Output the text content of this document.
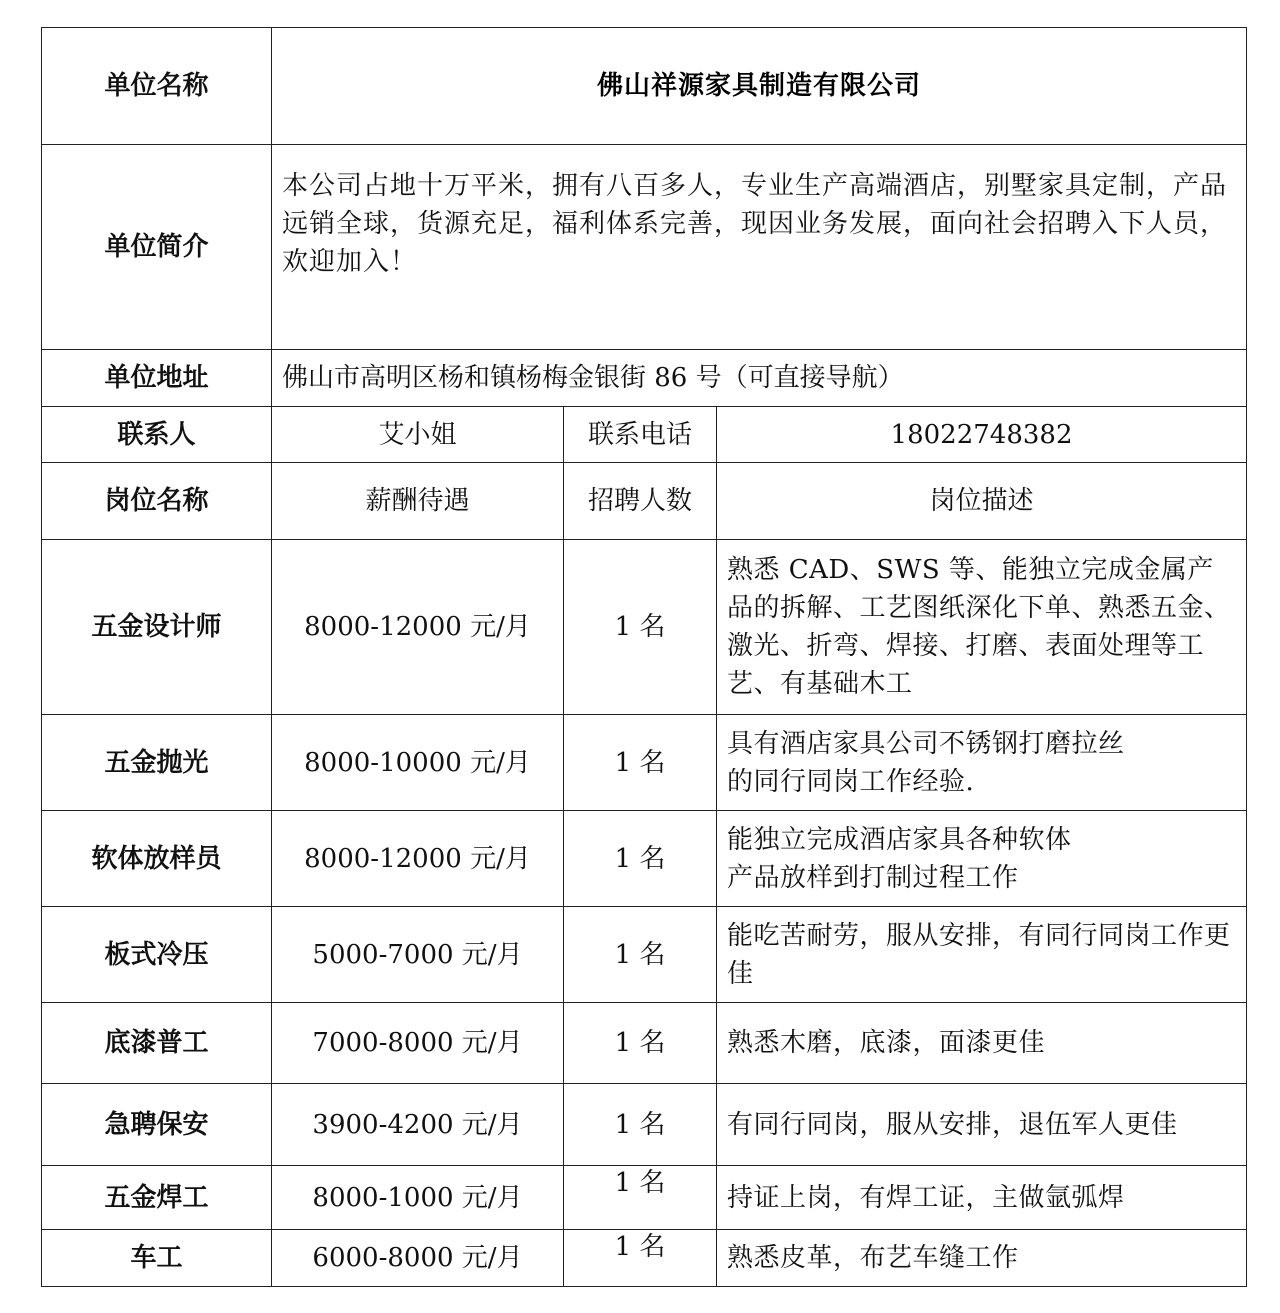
单位名称	佛山祥源家具制造有限公司		
单位简介	本公司占地十万平米，拥有八百多人，专业生产高端酒店，别墅家具定制，产品远销全球，货源充足，福利体系完善，现因业务发展，面向社会招聘入下人员，欢迎加入！		
单位地址	佛山市高明区杨和镇杨梅金银街 86 号（可直接导航）		
联系人	艾小姐	联系电话	18022748382
岗位名称	薪酬待遇	招聘人数	岗位描述
五金设计师	8000-12000 元/月	1 名	熟悉 CAD、SWS 等、能独立完成金属产品的拆解、工艺图纸深化下单、熟悉五金、激光、折弯、焊接、打磨、表面处理等工艺、有基础木工
五金抛光	8000-10000 元/月	1 名	具有酒店家具公司不锈钢打磨拉丝
的同行同岗工作经验.

软体放样员	8000-12000 元/月	1 名	能独立完成酒店家具各种软体
产品放样到打制过程工作

板式冷压	5000-7000 元/月	1 名	能吃苦耐劳，服从安排，有同行同岗工作更佳
底漆普工	7000-8000 元/月	1 名	熟悉木磨，底漆，面漆更佳
急聘保安	3900-4200 元/月	1 名	有同行同岗，服从安排，退伍军人更佳
五金焊工	8000-1000 元/月	1 名	持证上岗，有焊工证，主做氩弧焊
车工	6000-8000 元/月	1 名	熟悉皮革，布艺车缝工作
